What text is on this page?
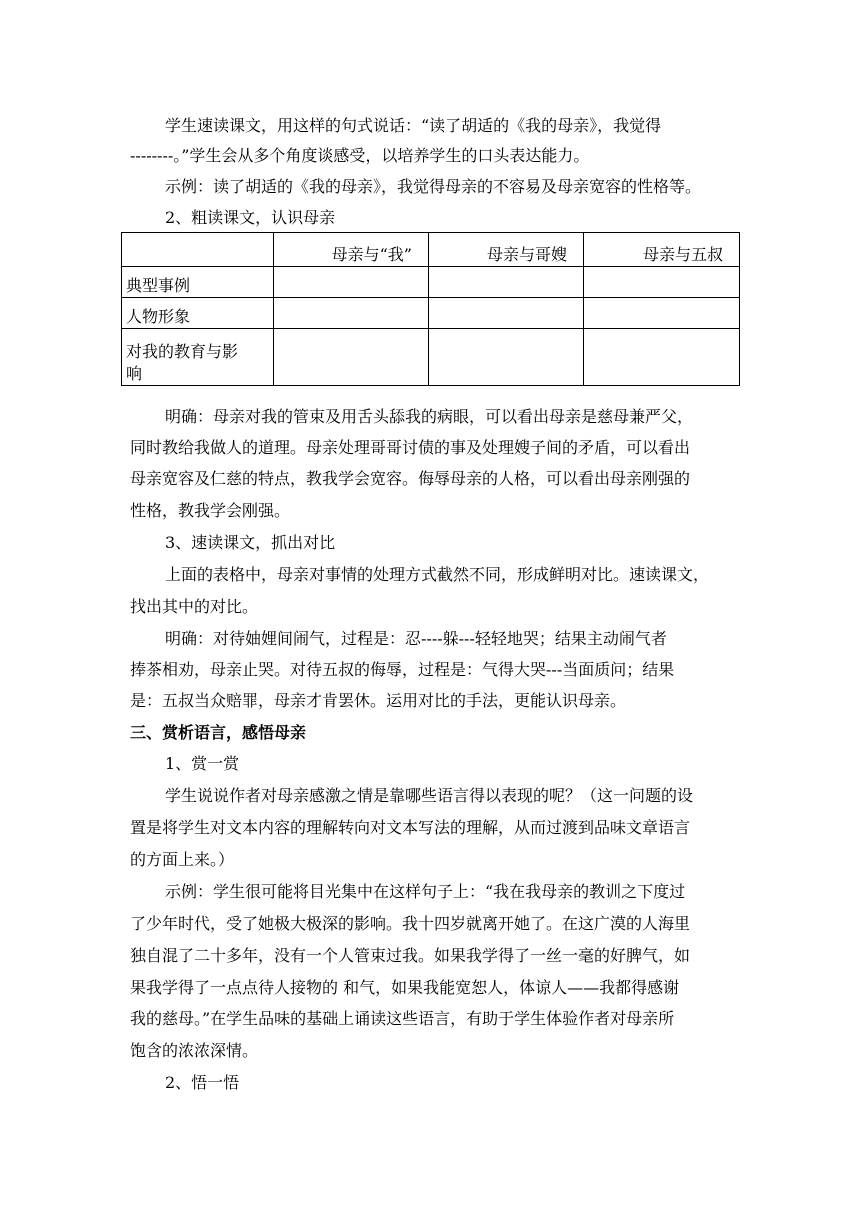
学生速读课文，用这样的句式说话：“读了胡适的《我的母亲》，我觉得
--------。”学生会从多个角度谈感受，以培养学生的口头表达能力。
示例：读了胡适的《我的母亲》，我觉得母亲的不容易及母亲宽容的性格等。
2、粗读课文，认识母亲
	母亲与“我”	母亲与哥嫂	母亲与五叔
典型事例			
人物形象			

对我的教育与影
响			

明确：母亲对我的管束及用舌头舔我的病眼，可以看出母亲是慈母兼严父，
同时教给我做人的道理。母亲处理哥哥讨债的事及处理嫂子间的矛盾，可以看出
母亲宽容及仁慈的特点，教我学会宽容。侮辱母亲的人格，可以看出母亲刚强的
性格，教我学会刚强。
3、速读课文，抓出对比
上面的表格中，母亲对事情的处理方式截然不同，形成鲜明对比。速读课文，
找出其中的对比。
明确：对待妯娌间闹气，过程是：忍----躲---轻轻地哭；结果主动闹气者
捧茶相劝，母亲止哭。对待五叔的侮辱，过程是：气得大哭---当面质问；结果
是：五叔当众赔罪，母亲才肯罢休。运用对比的手法，更能认识母亲。
三、赏析语言，感悟母亲
1、赏一赏
学生说说作者对母亲感激之情是靠哪些语言得以表现的呢？（这一问题的设
置是将学生对文本内容的理解转向对文本写法的理解，从而过渡到品味文章语言
的方面上来。）
示例：学生很可能将目光集中在这样句子上：“我在我母亲的教训之下度过
了少年时代，受了她极大极深的影响。我十四岁就离开她了。在这广漠的人海里
独自混了二十多年，没有一个人管束过我。如果我学得了一丝一毫的好脾气，如
果我学得了一点点待人接物的 和气，如果我能宽恕人，体谅人——我都得感谢
我的慈母。”在学生品味的基础上诵读这些语言，有助于学生体验作者对母亲所
饱含的浓浓深情。
2、悟一悟
